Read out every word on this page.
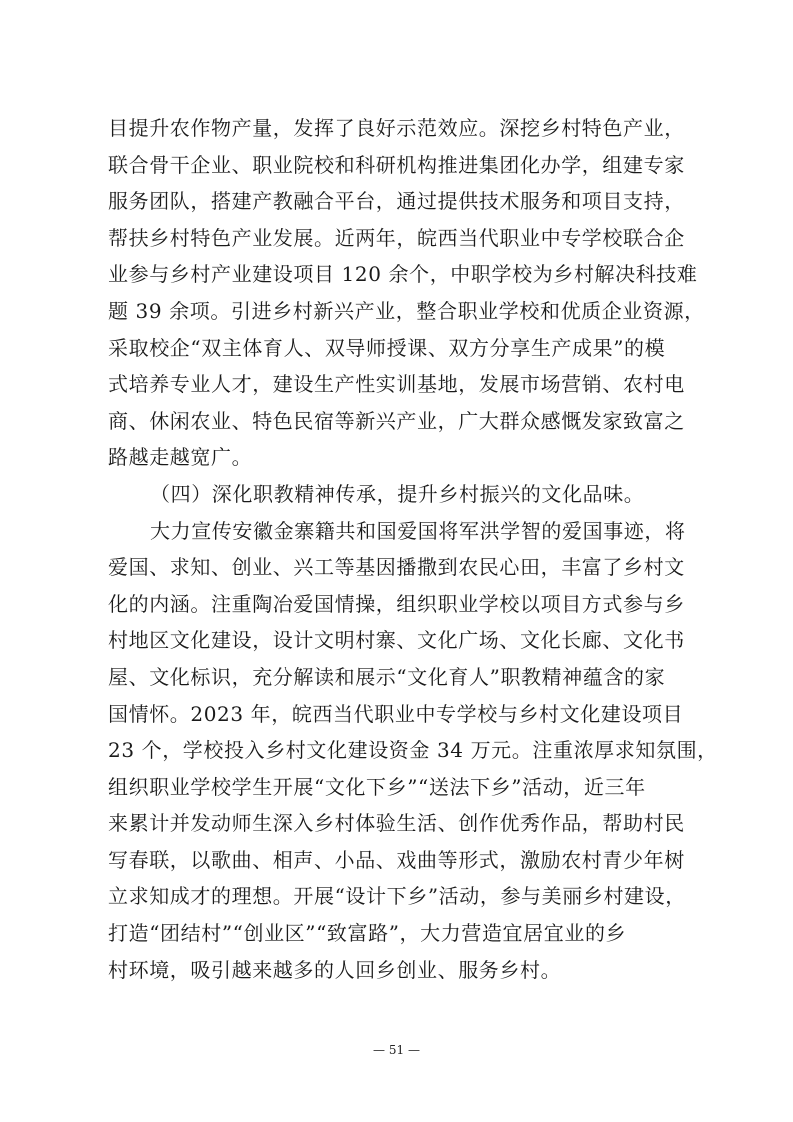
目提升农作物产量，发挥了良好示范效应。深挖乡村特色产业，
联合骨干企业、职业院校和科研机构推进集团化办学，组建专家
服务团队，搭建产教融合平台，通过提供技术服务和项目支持，
帮扶乡村特色产业发展。近两年，皖西当代职业中专学校联合企
业参与乡村产业建设项目 120 余个，中职学校为乡村解决科技难
题 39 余项。引进乡村新兴产业，整合职业学校和优质企业资源，
采取校企“双主体育人、双导师授课、双方分享生产成果”的模
式培养专业人才，建设生产性实训基地，发展市场营销、农村电
商、休闲农业、特色民宿等新兴产业，广大群众感慨发家致富之
路越走越宽广。
（四）深化职教精神传承，提升乡村振兴的文化品味。
大力宣传安徽金寨籍共和国爱国将军洪学智的爱国事迹，将
爱国、求知、创业、兴工等基因播撒到农民心田，丰富了乡村文
化的内涵。注重陶冶爱国情操，组织职业学校以项目方式参与乡
村地区文化建设，设计文明村寨、文化广场、文化长廊、文化书
屋、文化标识，充分解读和展示“文化育人”职教精神蕴含的家
国情怀。2023 年，皖西当代职业中专学校与乡村文化建设项目
23 个，学校投入乡村文化建设资金 34 万元。注重浓厚求知氛围，
组织职业学校学生开展“文化下乡”“送法下乡”活动，近三年
来累计并发动师生深入乡村体验生活、创作优秀作品，帮助村民
写春联，以歌曲、相声、小品、戏曲等形式，激励农村青少年树
立求知成才的理想。开展“设计下乡”活动，参与美丽乡村建设，
打造“团结村”“创业区”“致富路”，大力营造宜居宜业的乡
村环境，吸引越来越多的人回乡创业、服务乡村。
— 51 —
